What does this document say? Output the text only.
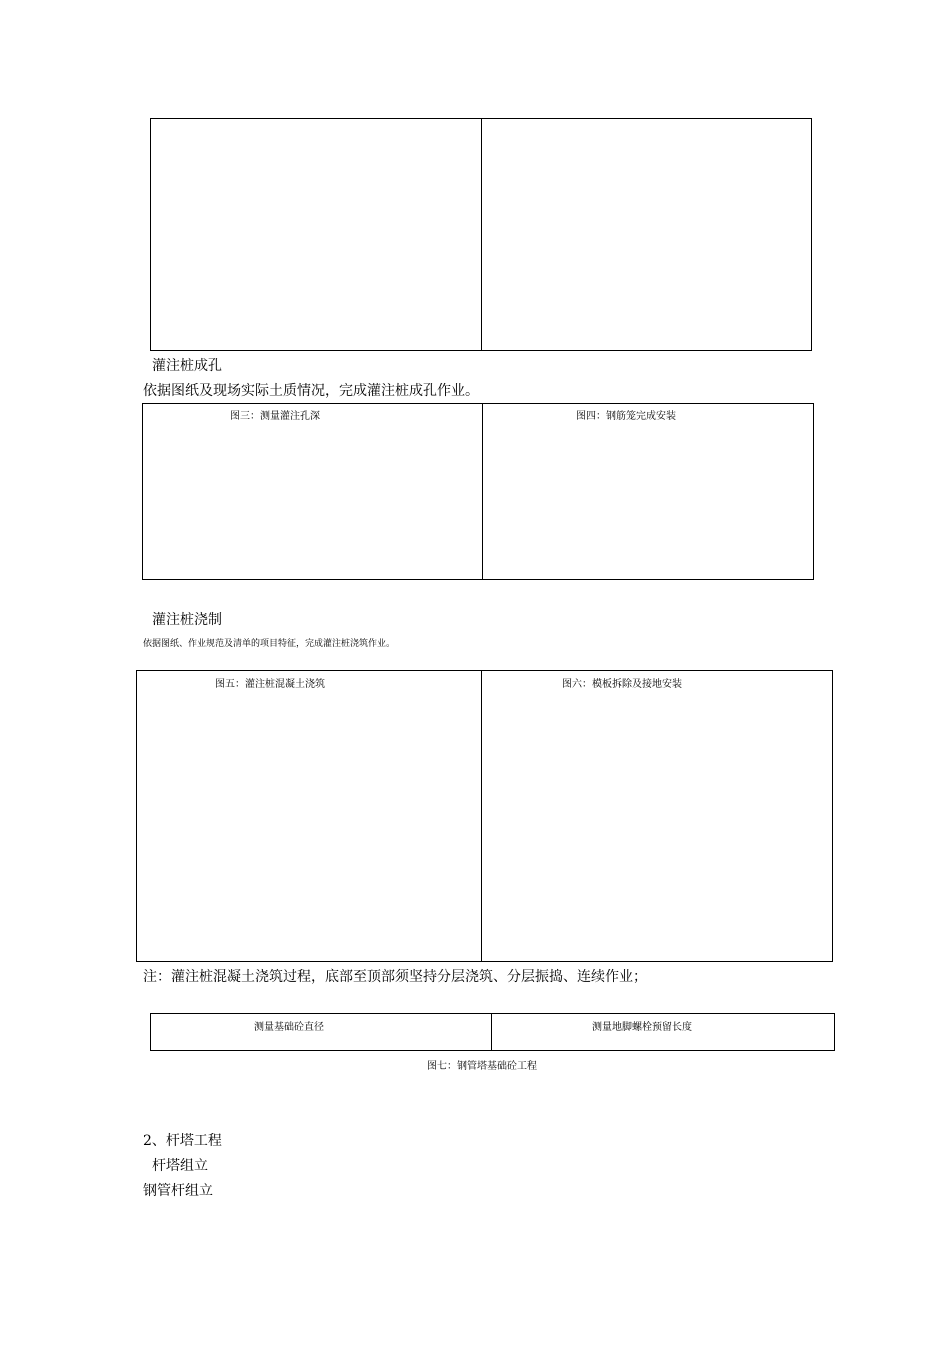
灌注桩成孔
依据图纸及现场实际土质情况，完成灌注桩成孔作业。
图三：测量灌注孔深	图四：钢筋笼完成安装
灌注桩浇制
依据图纸、作业规范及清单的项目特征，完成灌注桩浇筑作业。
图五：灌注桩混凝土浇筑	图六：模板拆除及接地安装
注：灌注桩混凝土浇筑过程，底部至顶部须坚持分层浇筑、分层振捣、连续作业；
测量基础砼直径	测量地脚螺栓预留长度
图七：钢管塔基础砼工程
2、杆塔工程
杆塔组立
钢管杆组立
